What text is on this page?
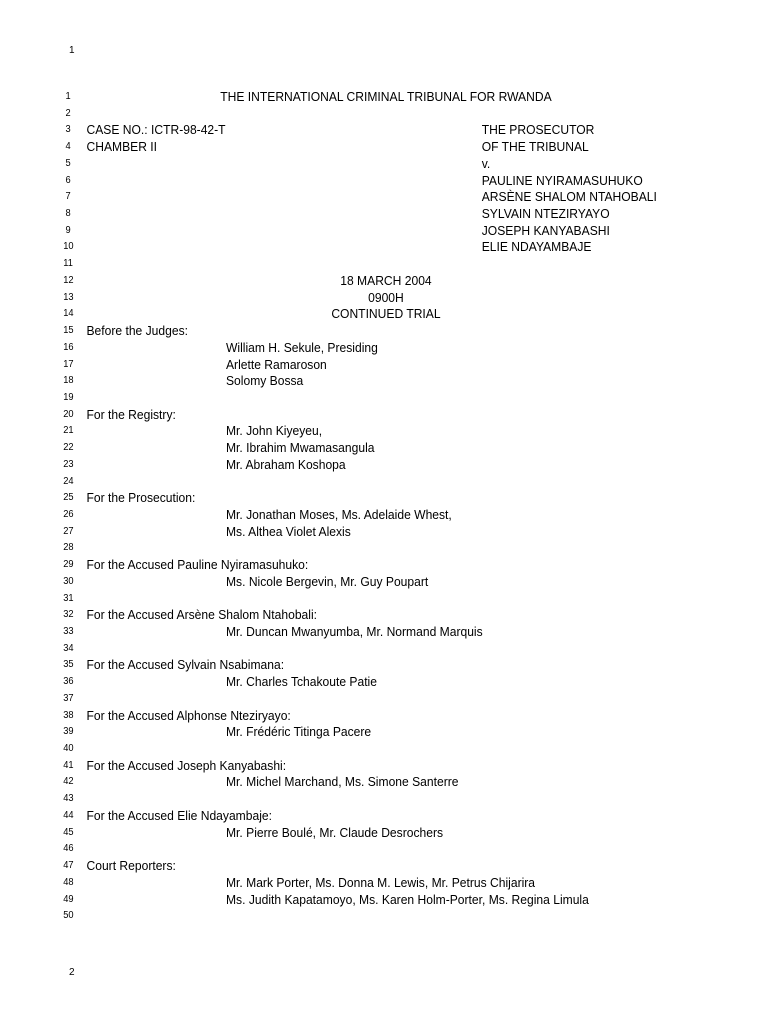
1
1	THE INTERNATIONAL CRIMINAL TRIBUNAL FOR RWANDA
2
3 CASE NO.: ICTR-98-42-T	THE PROSECUTOR
4 CHAMBER II	OF THE TRIBUNAL
5	v.
6	PAULINE NYIRAMASUHUKO
7	ARSÈNE SHALOM NTAHOBALI
8	SYLVAIN NTEZIRYAYO
9	JOSEPH KANYABASHI
10	ELIE NDAYAMBAJE
11
12	18 MARCH 2004
13	0900H
14	CONTINUED TRIAL
15 Before the Judges:
16	William H. Sekule, Presiding
17	Arlette Ramaroson
18	Solomy Bossa
19
20 For the Registry:
21	Mr. John Kiyeyeu,
22	Mr. Ibrahim Mwamasangula
23	Mr. Abraham Koshopa
24
25 For the Prosecution:
26	Mr. Jonathan Moses, Ms. Adelaide Whest,
27	Ms. Althea Violet Alexis
28
29 For the Accused Pauline Nyiramasuhuko:
30	Ms. Nicole Bergevin, Mr. Guy Poupart
31
32 For the Accused Arsène Shalom Ntahobali:
33	Mr. Duncan Mwanyumba, Mr. Normand Marquis
34
35 For the Accused Sylvain Nsabimana:
36	Mr. Charles Tchakoute Patie
37
38 For the Accused Alphonse Nteziryayo:
39	Mr. Frédéric Titinga Pacere
40
41 For the Accused Joseph Kanyabashi:
42	Mr. Michel Marchand, Ms. Simone Santerre
43
44 For the Accused Elie Ndayambaje:
45	Mr. Pierre Boulé, Mr. Claude Desrochers
46
47 Court Reporters:
48	Mr. Mark Porter, Ms. Donna M. Lewis, Mr. Petrus Chijarira
49	Ms. Judith Kapatamoyo, Ms. Karen Holm-Porter, Ms. Regina Limula
50
2
